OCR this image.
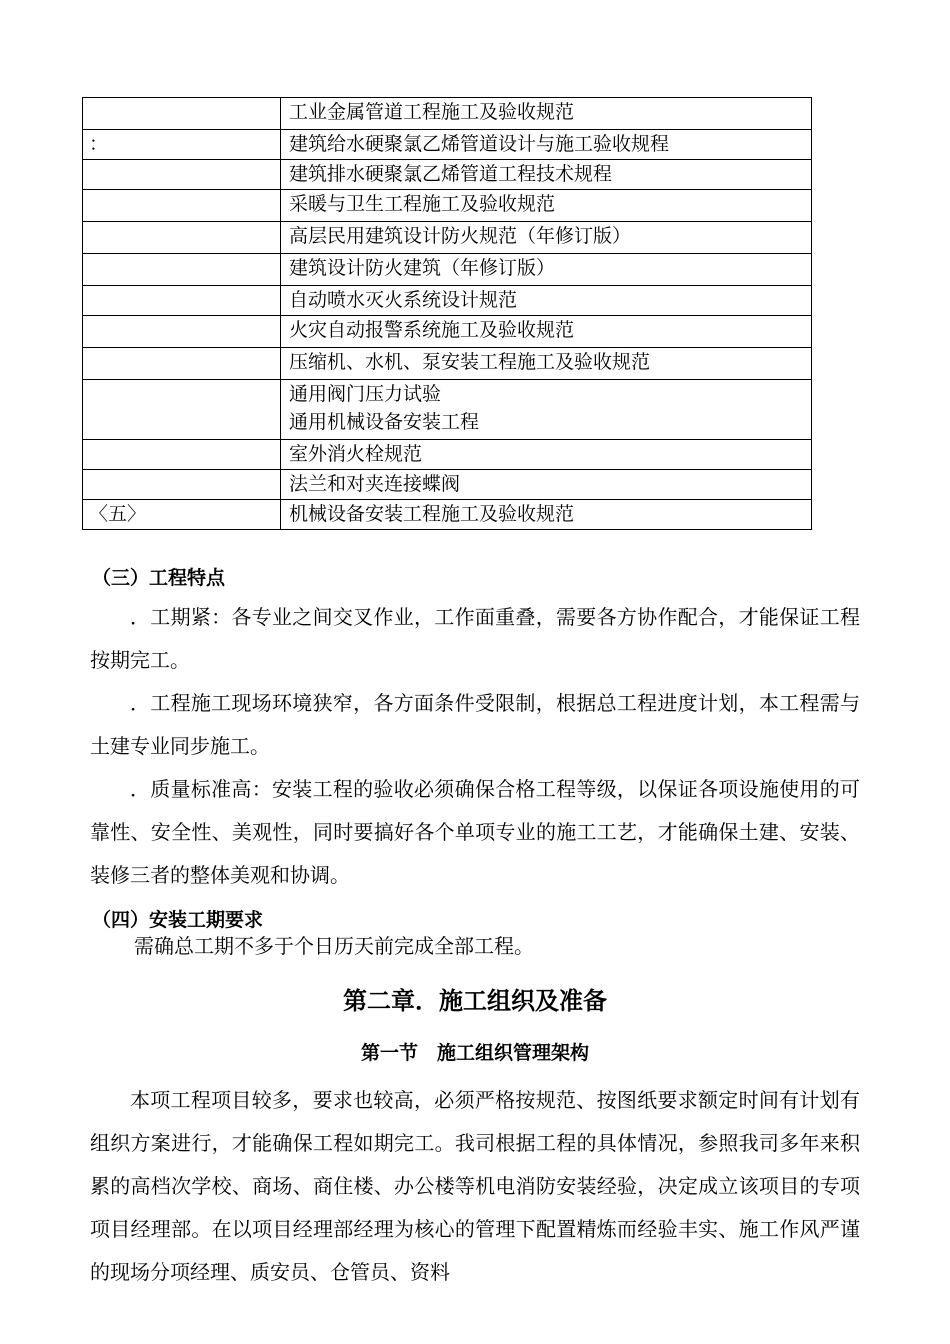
	工业金属管道工程施工及验收规范

：	建筑给水硬聚氯乙烯管道设计与施工验收规程

	建筑排水硬聚氯乙烯管道工程技术规程

	采暖与卫生工程施工及验收规范

	高层民用建筑设计防火规范（年修订版）

	建筑设计防火建筑（年修订版）

	自动喷水灭火系统设计规范

	火灾自动报警系统施工及验收规范

	压缩机、水机、泵安装工程施工及验收规范

	通用阀门压力试验
通用机械设备安装工程

	室外消火栓规范

	法兰和对夹连接蝶阀

〈五〉	机械设备安装工程施工及验收规范
（三）工程特点

．工期紧：各专业之间交叉作业，工作面重叠，需要各方协作配合，才能保证工程按期完工。

．工程施工现场环境狭窄，各方面条件受限制，根据总工程进度计划，本工程需与土建专业同步施工。

．质量标准高：安装工程的验收必须确保合格工程等级，以保证各项设施使用的可靠性、安全性、美观性，同时要搞好各个单项专业的施工工艺，才能确保土建、安装、装修三者的整体美观和协调。

（四）安装工期要求
需确总工期不多于个日历天前完成全部工程。
第二章．施工组织及准备
第一节　施工组织管理架构

本项工程项目较多，要求也较高，必须严格按规范、按图纸要求额定时间有计划有组织方案进行，才能确保工程如期完工。我司根据工程的具体情况，参照我司多年来积累的高档次学校、商场、商住楼、办公楼等机电消防安装经验，决定成立该项目的专项项目经理部。在以项目经理部经理为核心的管理下配置精炼而经验丰实、施工作风严谨的现场分项经理、质安员、仓管员、资料
